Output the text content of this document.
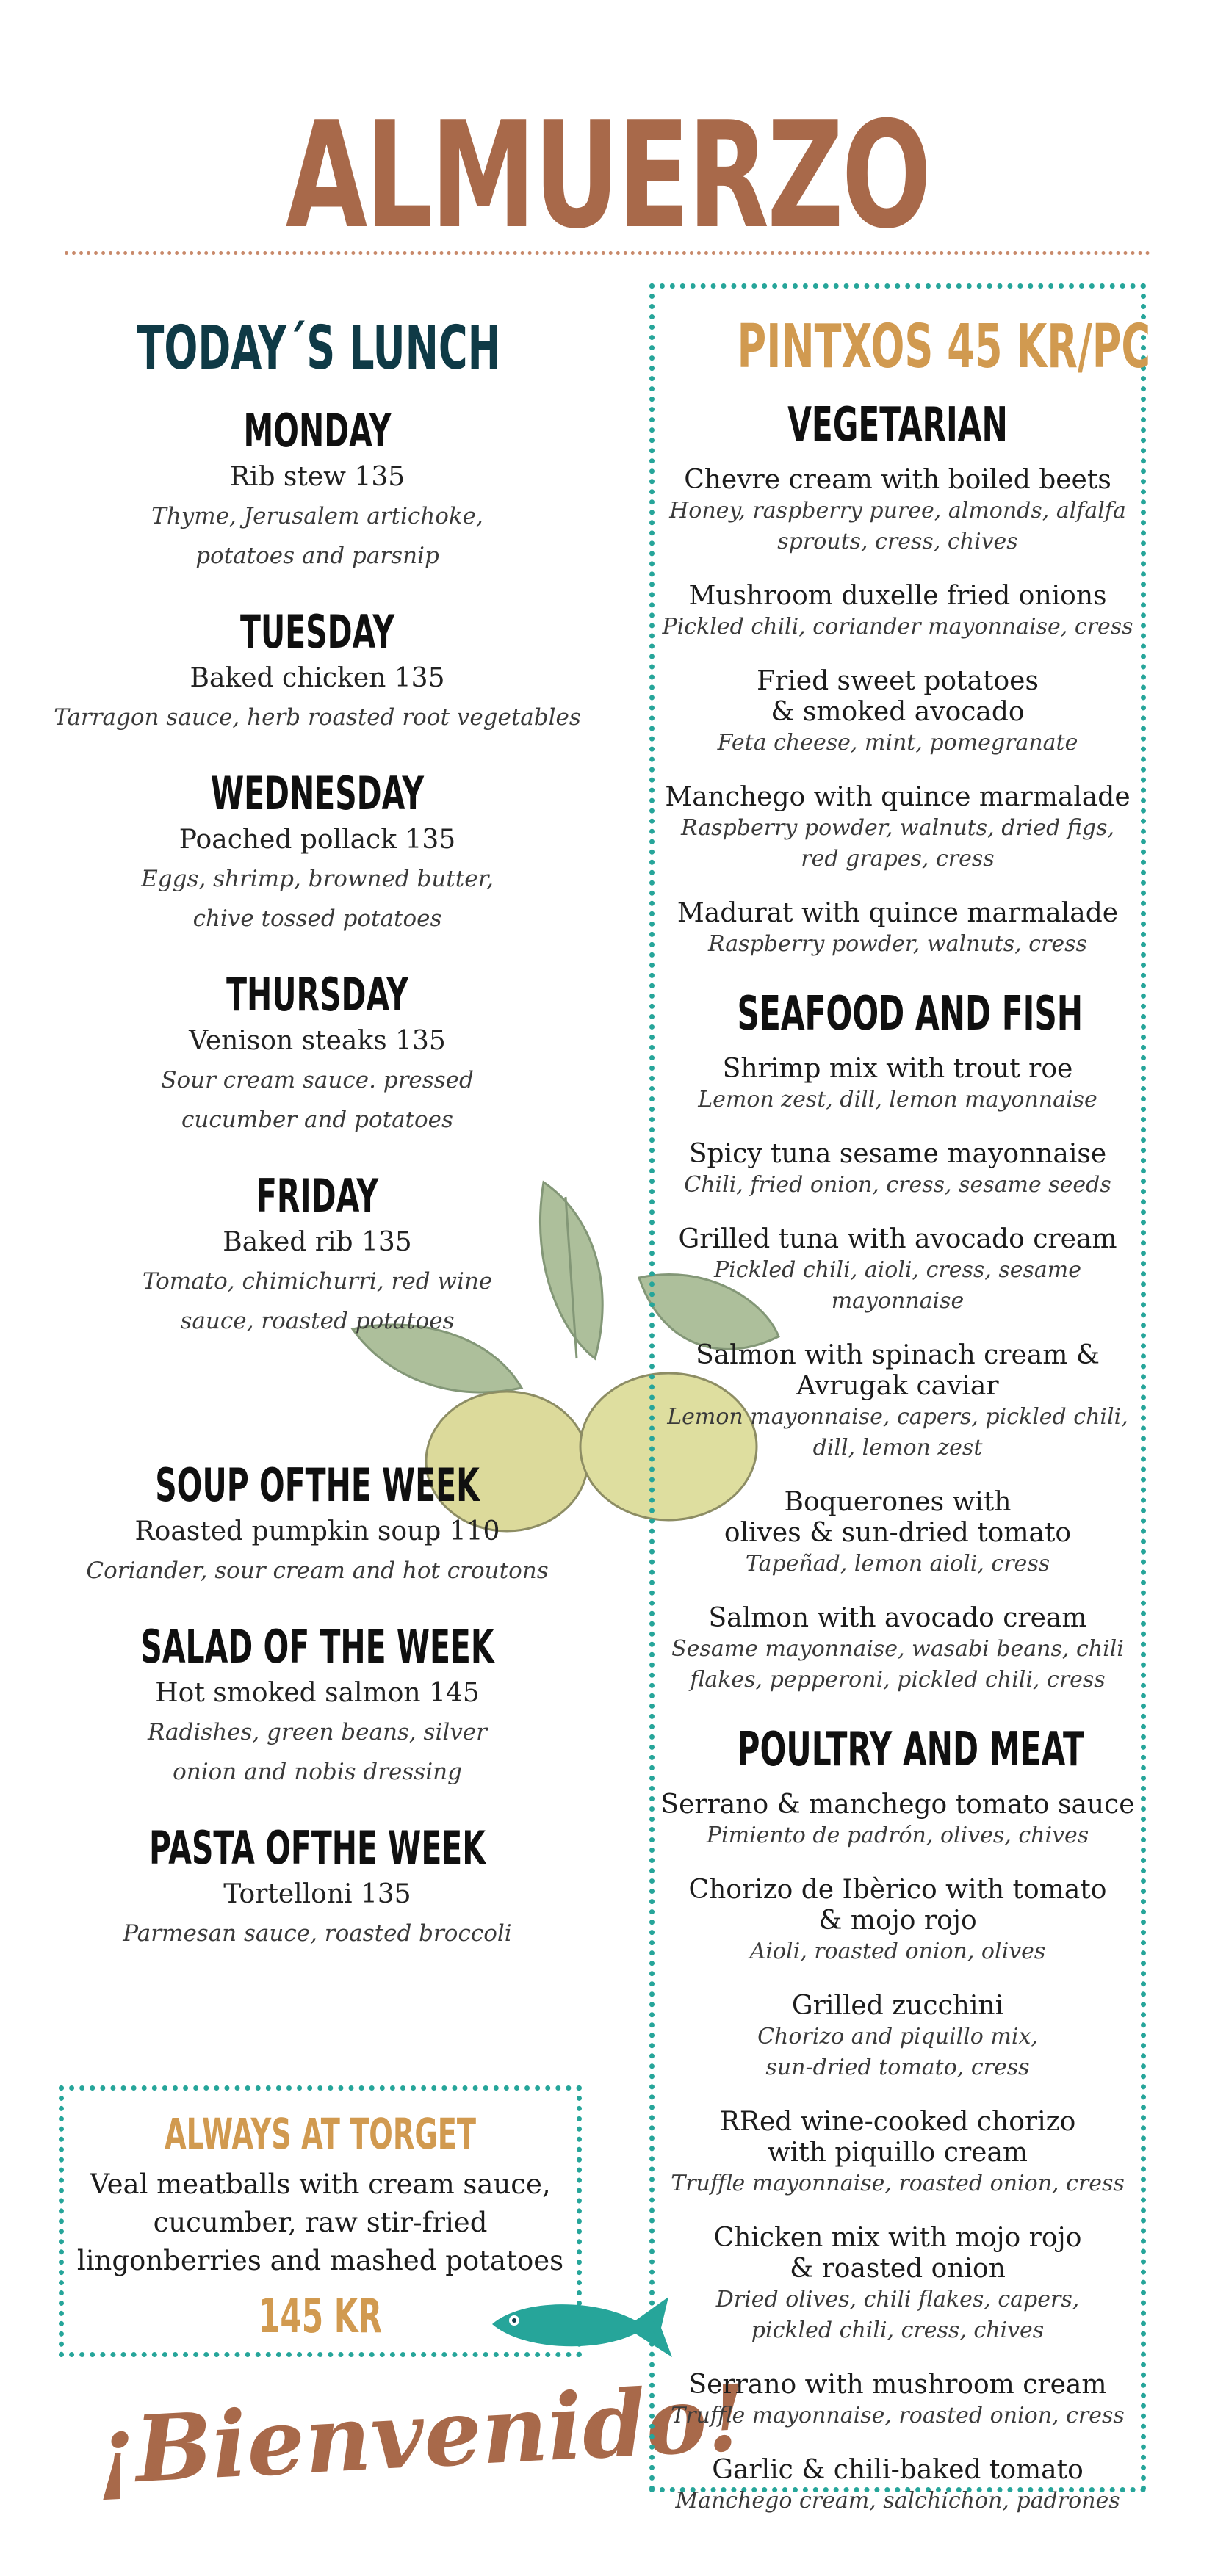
ALMUERZO
TODAY´S LUNCH
MONDAY
Rib stew 135
Thyme, Jerusalem artichoke,
potatoes and parsnip
TUESDAY
Baked chicken 135
Tarragon sauce, herb roasted root vegetables
WEDNESDAY
Poached pollack 135
Eggs, shrimp, browned butter,
chive tossed potatoes
THURSDAY
Venison steaks 135
Sour cream sauce. pressed
cucumber and potatoes
FRIDAY
Baked rib 135
Tomato, chimichurri, red wine
sauce, roasted potatoes
SOUP OFTHE WEEK
Roasted pumpkin soup 110
Coriander, sour cream and hot croutons
SALAD OF THE WEEK
Hot smoked salmon 145
Radishes, green beans, silver
onion and nobis dressing
PASTA OFTHE WEEK
Tortelloni 135
Parmesan sauce, roasted broccoli
ALWAYS AT TORGET
Veal meatballs with cream sauce,
cucumber, raw stir-fried
lingonberries and mashed potatoes
145 KR
¡Bienvenido!
PINTXOS 45 KR/PC
VEGETARIAN
Chevre cream with boiled beets
Honey, raspberry puree, almonds, alfalfa
sprouts, cress, chives
Mushroom duxelle fried onions
Pickled chili, coriander mayonnaise, cress
Fried sweet potatoes
& smoked avocado
Feta cheese, mint, pomegranate
Manchego with quince marmalade
Raspberry powder, walnuts, dried figs,
red grapes, cress
Madurat with quince marmalade
Raspberry powder, walnuts, cress
SEAFOOD AND FISH
Shrimp mix with trout roe
Lemon zest, dill, lemon mayonnaise
Spicy tuna sesame mayonnaise
Chili, fried onion, cress, sesame seeds
Grilled tuna with avocado cream
Pickled chili, aioli, cress, sesame
mayonnaise
Salmon with spinach cream &
Avrugak caviar
Lemon mayonnaise, capers, pickled chili,
dill, lemon zest
Boquerones with
olives & sun-dried tomato
Tapeñad, lemon aioli, cress
Salmon with avocado cream
Sesame mayonnaise, wasabi beans, chili
flakes, pepperoni, pickled chili, cress
POULTRY AND MEAT
Serrano & manchego tomato sauce
Pimiento de padrón, olives, chives
Chorizo de Ibèrico with tomato
& mojo rojo
Aioli, roasted onion, olives
Grilled zucchini
Chorizo and piquillo mix,
sun-dried tomato, cress
RRed wine-cooked chorizo
with piquillo cream
Truffle mayonnaise, roasted onion, cress
Chicken mix with mojo rojo
& roasted onion
Dried olives, chili flakes, capers,
pickled chili, cress, chives
Serrano with mushroom cream
Truffle mayonnaise, roasted onion, cress
Garlic & chili-baked tomato
Manchego cream, salchichon, padrones
